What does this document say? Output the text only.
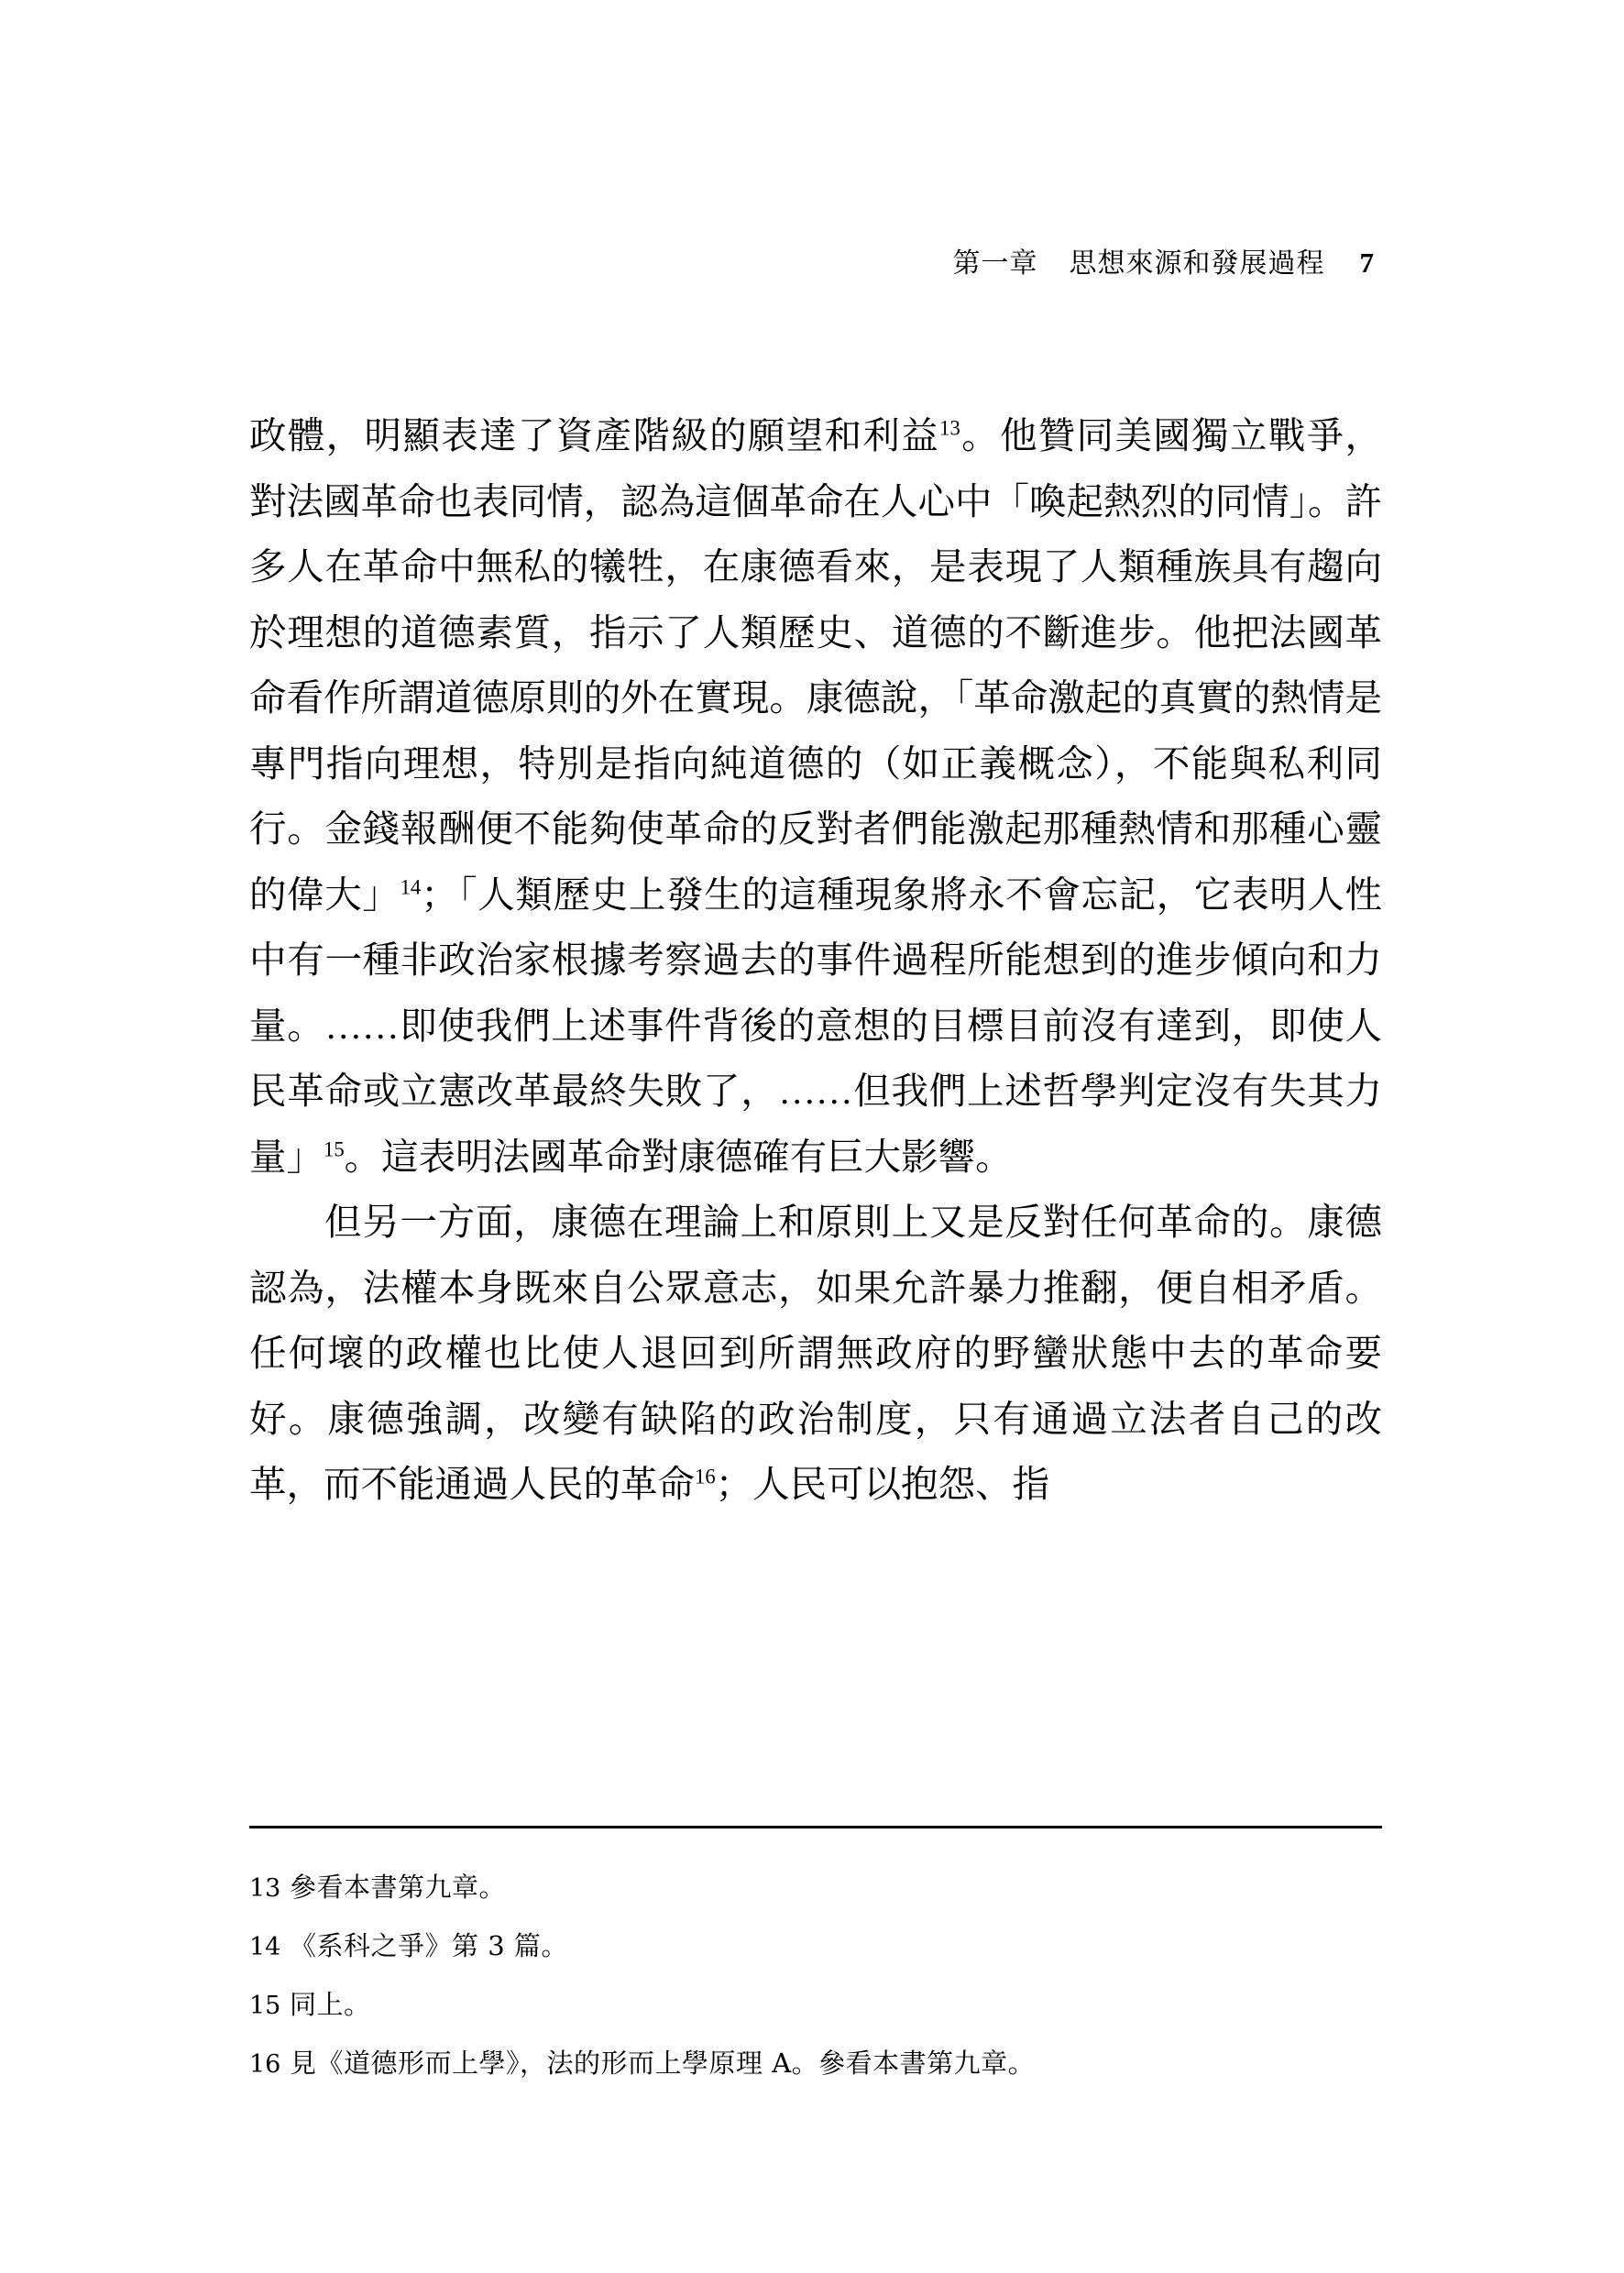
第一章 思想來源和發展過程 7

政體，明顯表達了資產階級的願望和利益$^{13}$。他贊同美國獨立戰爭，對法國革命也表同情，認為這個革命在人心中「喚起熱烈的同情」。許多人在革命中無私的犧牲，在康德看來，是表現了人類種族具有趨向於理想的道德素質，指示了人類歷史、道德的不斷進步。他把法國革命看作所謂道德原則的外在實現。康德說，「革命激起的真實的熱情是專門指向理想，特別是指向純道德的（如正義概念），不能與私利同行。金錢報酬便不能夠使革命的反對者們能激起那種熱情和那種心靈的偉大」$^{14}$；「人類歷史上發生的這種現象將永不會忘記，它表明人性中有一種非政治家根據考察過去的事件過程所能想到的進步傾向和力量。……即使我們上述事件背後的意想的目標目前沒有達到，即使人民革命或立憲改革最終失敗了，……但我們上述哲學判定沒有失其力量」$^{15}$。這表明法國革命對康德確有巨大影響。

但另一方面，康德在理論上和原則上又是反對任何革命的。康德認為，法權本身既來自公眾意志，如果允許暴力推翻，便自相矛盾。任何壞的政權也比使人退回到所謂無政府的野蠻狀態中去的革命要好。康德強調，改變有缺陷的政治制度，只有通過立法者自己的改革，而不能通過人民的革命$^{16}$；人民可以抱怨、指

13 參看本書第九章。
14 《系科之爭》第 3 篇。
15 同上。
16 見《道德形而上學》，法的形而上學原理 A。參看本書第九章。
